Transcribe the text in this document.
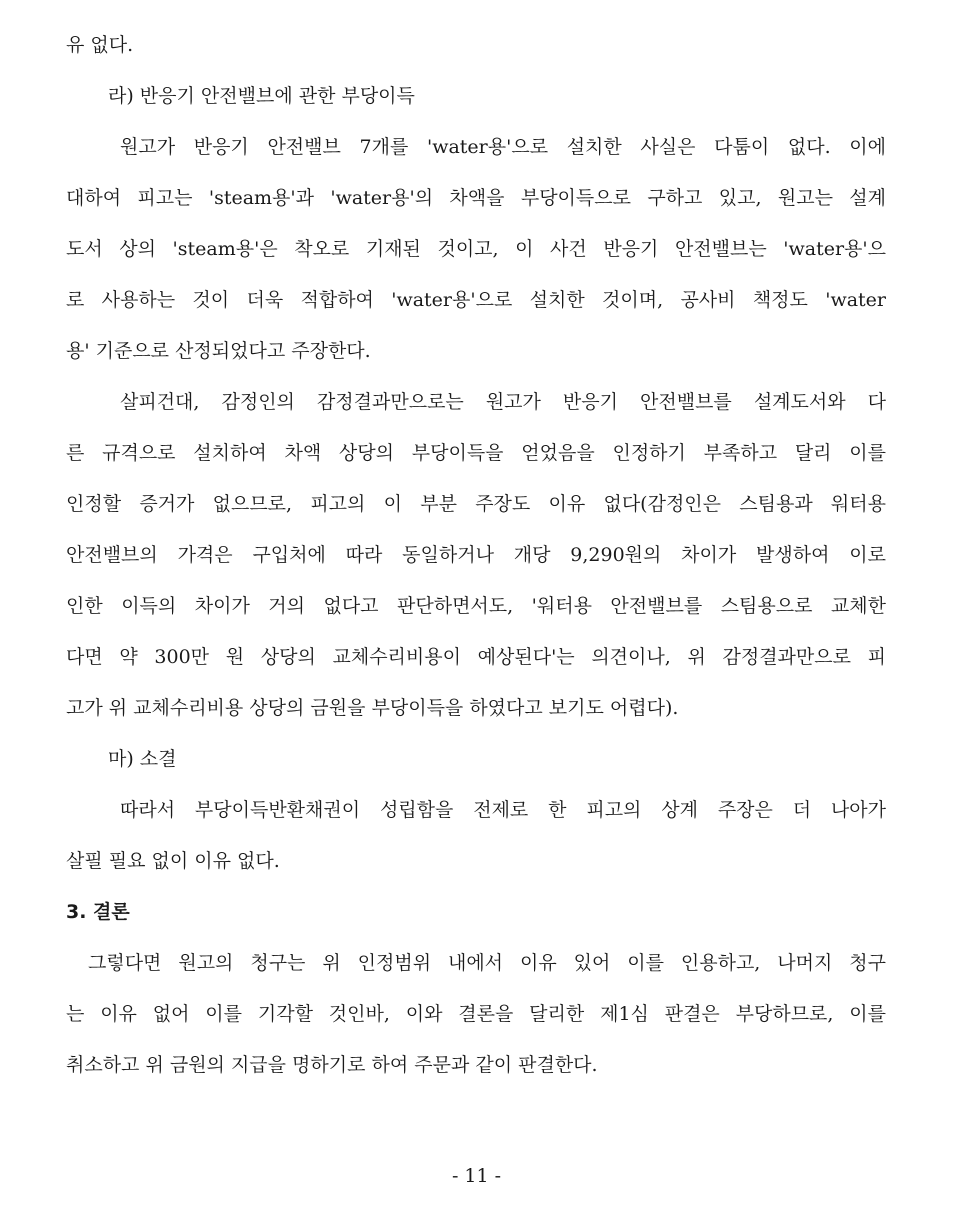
유 없다.
라) 반응기 안전밸브에 관한 부당이득
원고가 반응기 안전밸브 7개를 'water용'으로 설치한 사실은 다툼이 없다. 이에
대하여 피고는 'steam용'과 'water용'의 차액을 부당이득으로 구하고 있고, 원고는 설계
도서 상의 'steam용'은 착오로 기재된 것이고, 이 사건 반응기 안전밸브는 'water용'으
로 사용하는 것이 더욱 적합하여 'water용'으로 설치한 것이며, 공사비 책정도 'water
용' 기준으로 산정되었다고 주장한다.
살피건대, 감정인의 감정결과만으로는 원고가 반응기 안전밸브를 설계도서와 다
른 규격으로 설치하여 차액 상당의 부당이득을 얻었음을 인정하기 부족하고 달리 이를
인정할 증거가 없으므로, 피고의 이 부분 주장도 이유 없다(감정인은 스팀용과 워터용
안전밸브의 가격은 구입처에 따라 동일하거나 개당 9,290원의 차이가 발생하여 이로
인한 이득의 차이가 거의 없다고 판단하면서도, '워터용 안전밸브를 스팀용으로 교체한
다면 약 300만 원 상당의 교체수리비용이 예상된다'는 의견이나, 위 감정결과만으로 피
고가 위 교체수리비용 상당의 금원을 부당이득을 하였다고 보기도 어렵다).
마) 소결
따라서 부당이득반환채권이 성립함을 전제로 한 피고의 상계 주장은 더 나아가
살필 필요 없이 이유 없다.
3. 결론
그렇다면 원고의 청구는 위 인정범위 내에서 이유 있어 이를 인용하고, 나머지 청구
는 이유 없어 이를 기각할 것인바, 이와 결론을 달리한 제1심 판결은 부당하므로, 이를
취소하고 위 금원의 지급을 명하기로 하여 주문과 같이 판결한다.
- 11 -
